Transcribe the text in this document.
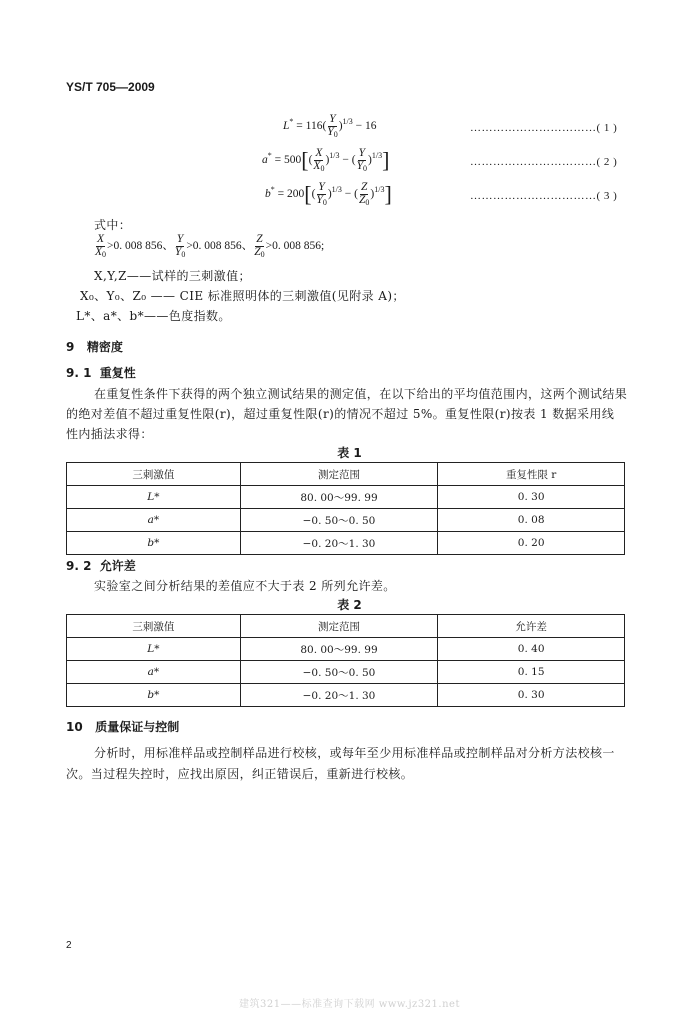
YS/T 705—2009
$L^* = 116( \frac{Y}{Y_0} )^{1/3} - 16$	……………………………( 1 )
$a^* = 500[( \frac{X}{X_0} )^{1/3}$ − ( $\frac{Y}{Y_0} )^{1/3}$]	……………………………( 2 )
$b^* = 200[( \frac{Y}{Y_0} )^{1/3}$ − ( $\frac{Z}{Z_0} )^{1/3}$]	……………………………( 3 )
式中：
$\frac{X}{X_0} >0$. 008 856、 $\frac{Y}{Y_0} >0$. 008 856、 $\frac{Z}{Z_0} >0$. 008 856;
X,Y,Z——试样的三刺激值；
X₀、Y₀、Z₀ —— CIE 标准照明体的三刺激值(见附录 A)；
L*、a*、b*——色度指数。
9 精密度
9. 1 重复性
在重复性条件下获得的两个独立测试结果的测定值，在以下给出的平均值范围内，这两个测试结果
的绝对差值不超过重复性限(r)，超过重复性限(r)的情况不超过 5%。重复性限(r)按表 1 数据采用线
性内插法求得：
表 1
三刺激值	测定范围	重复性限 r
L*	80. 00～99. 99	0. 30
a*	−0. 50～0. 50	0. 08
b*	−0. 20～1. 30	0. 20
9. 2 允许差
实验室之间分析结果的差值应不大于表 2 所列允许差。
表 2
三刺激值	测定范围	允许差
L*	80. 00～99. 99	0. 40
a*	−0. 50～0. 50	0. 15
b*	−0. 20～1. 30	0. 30
10 质量保证与控制
分析时，用标准样品或控制样品进行校核，或每年至少用标准样品或控制样品对分析方法校核一
次。当过程失控时，应找出原因，纠正错误后，重新进行校核。
2
建筑321——标准查询下载网 www.jz321.net
